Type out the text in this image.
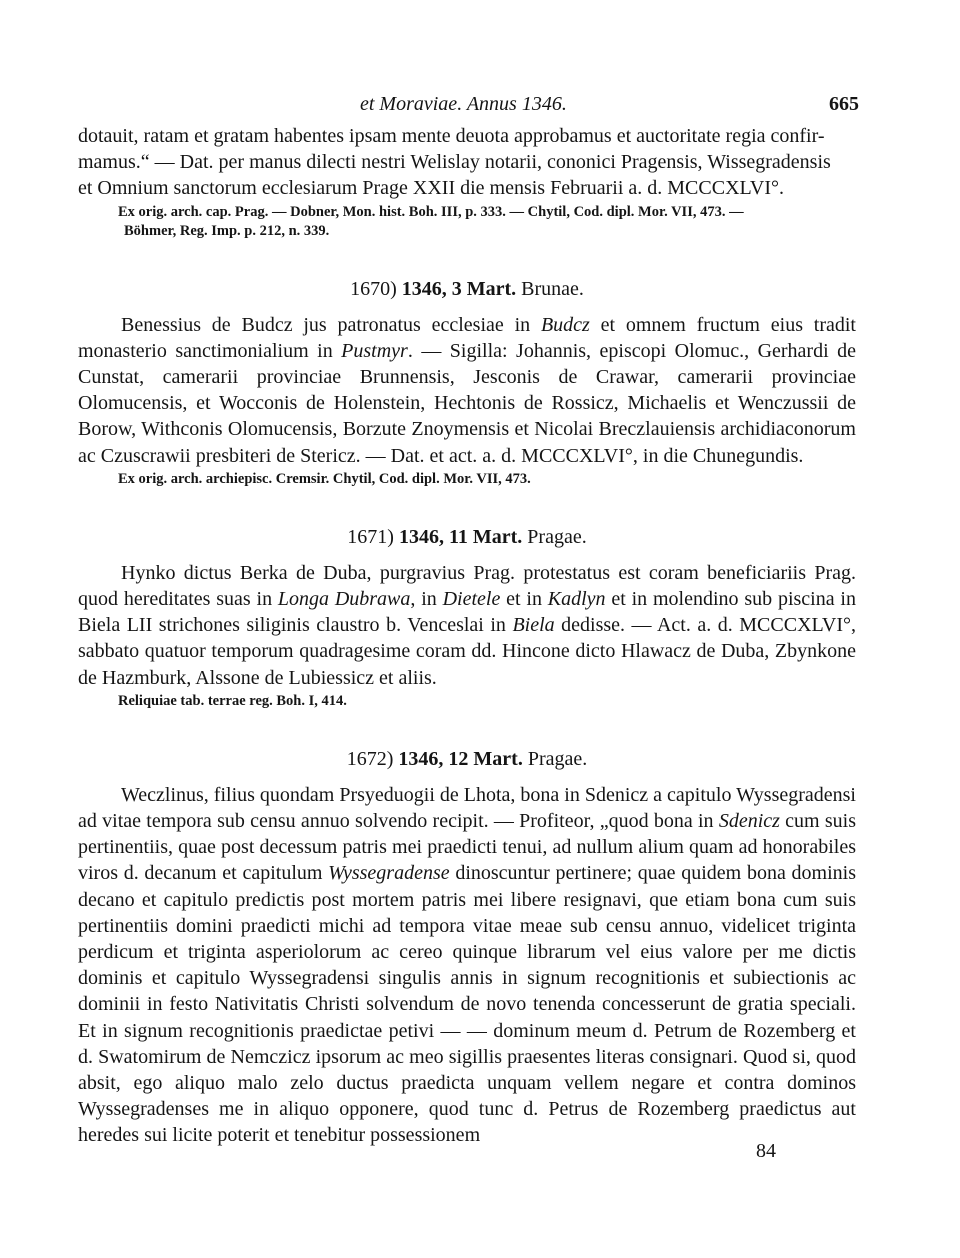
et Moraviae. Annus 1346.	665

dotauit, ratam et gratam habentes ipsam mente deuota approbamus et auctoritate regia confir-

mamus.“ — Dat. per manus dilecti nestri Welislay notarii, cononici Pragensis, Wissegradensis

et Omnium sanctorum ecclesiarum Prage XXII die mensis Februarii a. d. MCCCXLVI°.

Ex orig. arch. cap. Prag. — Dobner, Mon. hist. Boh. III, p. 333. — Chytil, Cod. dipl. Mor. VII, 473. —
Böhmer, Reg. Imp. p. 212, n. 339.

1670) 1346, 3 Mart. Brunae.

Benessius de Budcz jus patronatus ecclesiae in Budcz et omnem fructum eius tradit monasterio sanctimonialium in Pustmyr. — Sigilla: Johannis, episcopi Olomuc., Gerhardi de Cunstat, camerarii provinciae Brunnensis, Jesconis de Crawar, camerarii provinciae Olomucensis, et Wocconis de Holenstein, Hechtonis de Rossicz, Michaelis et Wenczussii de Borow, Withconis Olomucensis, Borzute Znoymensis et Nicolai Breczlauiensis archidiaconorum ac Czuscrawii presbiteri de Stericz. — Dat. et act. a. d. MCCCXLVI°, in die Chunegundis.

Ex orig. arch. archiepisc. Cremsir. Chytil, Cod. dipl. Mor. VII, 473.

1671) 1346, 11 Mart. Pragae.

Hynko dictus Berka de Duba, purgravius Prag. protestatus est coram beneficiariis Prag. quod hereditates suas in Longa Dubrawa, in Dietele et in Kadlyn et in molendino sub piscina in Biela LII strichones siliginis claustro b. Venceslai in Biela dedisse. — Act. a. d. MCCCXLVI°, sabbato quatuor temporum quadragesime coram dd. Hincone dicto Hlawacz de Duba, Zbynkone de Hazmburk, Alssone de Lubiessicz et aliis.

Reliquiae tab. terrae reg. Boh. I, 414.

1672) 1346, 12 Mart. Pragae.

Weczlinus, filius quondam Prsyeduogii de Lhota, bona in Sdenicz a capitulo Wyssegradensi ad vitae tempora sub censu annuo solvendo recipit. — Profiteor, „quod bona in Sdenicz cum suis pertinentiis, quae post decessum patris mei praedicti tenui, ad nullum alium quam ad honorabiles viros d. decanum et capitulum Wyssegradense dinoscuntur pertinere; quae quidem bona dominis decano et capitulo predictis post mortem patris mei libere resignavi, que etiam bona cum suis pertinentiis domini praedicti michi ad tempora vitae meae sub censu annuo, videlicet triginta perdicum et triginta asperiolorum ac cereo quinque librarum vel eius valore per me dictis dominis et capitulo Wyssegradensi singulis annis in signum recognitionis et subiectionis ac dominii in festo Nativitatis Christi solvendum de novo tenenda concesserunt de gratia speciali. Et in signum recognitionis praedictae petivi — — dominum meum d. Petrum de Rozemberg et d. Swatomirum de Nemczicz ipsorum ac meo sigillis praesentes literas consignari. Quod si, quod absit, ego aliquo malo zelo ductus praedicta unquam vellem negare et contra dominos Wyssegradenses me in aliquo opponere, quod tunc d. Petrus de Rozemberg praedictus aut heredes sui licite poterit et tenebitur possessionem

84
